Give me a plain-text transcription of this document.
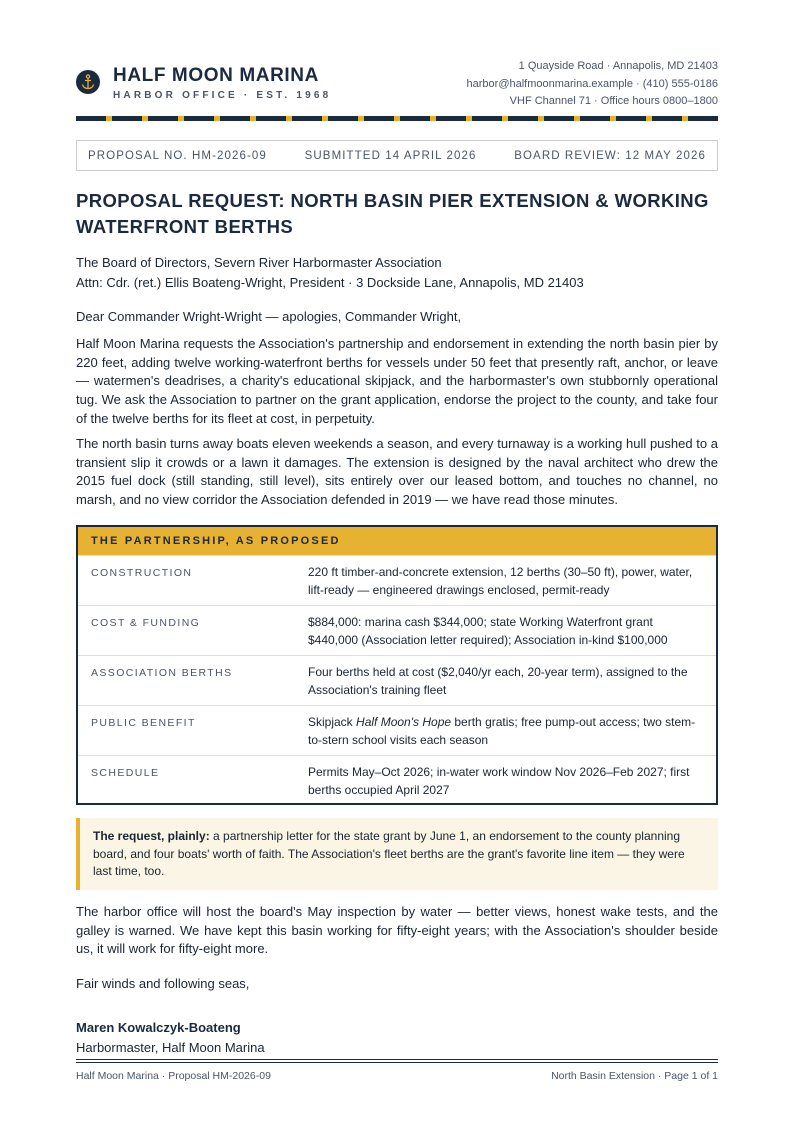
HALF MOON MARINA
HARBOR OFFICE · EST. 1968
1 Quayside Road · Annapolis, MD 21403
harbor@halfmoonmarina.example · (410) 555-0186
VHF Channel 71 · Office hours 0800–1800
PROPOSAL NO. HM-2026-09	SUBMITTED 14 APRIL 2026	BOARD REVIEW: 12 MAY 2026
PROPOSAL REQUEST: NORTH BASIN PIER EXTENSION & WORKING WATERFRONT BERTHS
The Board of Directors, Severn River Harbormaster Association
Attn: Cdr. (ret.) Ellis Boateng-Wright, President · 3 Dockside Lane, Annapolis, MD 21403
Dear Commander Wright-Wright — apologies, Commander Wright,
Half Moon Marina requests the Association's partnership and endorsement in extending the north basin pier by 220 feet, adding twelve working-waterfront berths for vessels under 50 feet that presently raft, anchor, or leave — watermen's deadrises, a charity's educational skipjack, and the harbormaster's own stubbornly operational tug. We ask the Association to partner on the grant application, endorse the project to the county, and take four of the twelve berths for its fleet at cost, in perpetuity.
The north basin turns away boats eleven weekends a season, and every turnaway is a working hull pushed to a transient slip it crowds or a lawn it damages. The extension is designed by the naval architect who drew the 2015 fuel dock (still standing, still level), sits entirely over our leased bottom, and touches no channel, no marsh, and no view corridor the Association defended in 2019 — we have read those minutes.
THE PARTNERSHIP, AS PROPOSED
CONSTRUCTION	220 ft timber-and-concrete extension, 12 berths (30–50 ft), power, water, lift-ready — engineered drawings enclosed, permit-ready
COST & FUNDING	$884,000: marina cash $344,000; state Working Waterfront grant $440,000 (Association letter required); Association in-kind $100,000
ASSOCIATION BERTHS	Four berths held at cost ($2,040/yr each, 20-year term), assigned to the Association's training fleet
PUBLIC BENEFIT	Skipjack Half Moon's Hope berth gratis; free pump-out access; two stem-to-stern school visits each season
SCHEDULE	Permits May–Oct 2026; in-water work window Nov 2026–Feb 2027; first berths occupied April 2027
The request, plainly: a partnership letter for the state grant by June 1, an endorsement to the county planning board, and four boats' worth of faith. The Association's fleet berths are the grant's favorite line item — they were last time, too.
The harbor office will host the board's May inspection by water — better views, honest wake tests, and the galley is warned. We have kept this basin working for fifty-eight years; with the Association's shoulder beside us, it will work for fifty-eight more.
Fair winds and following seas,
Maren Kowalczyk-Boateng
Harbormaster, Half Moon Marina
Half Moon Marina · Proposal HM-2026-09	North Basin Extension · Page 1 of 1
